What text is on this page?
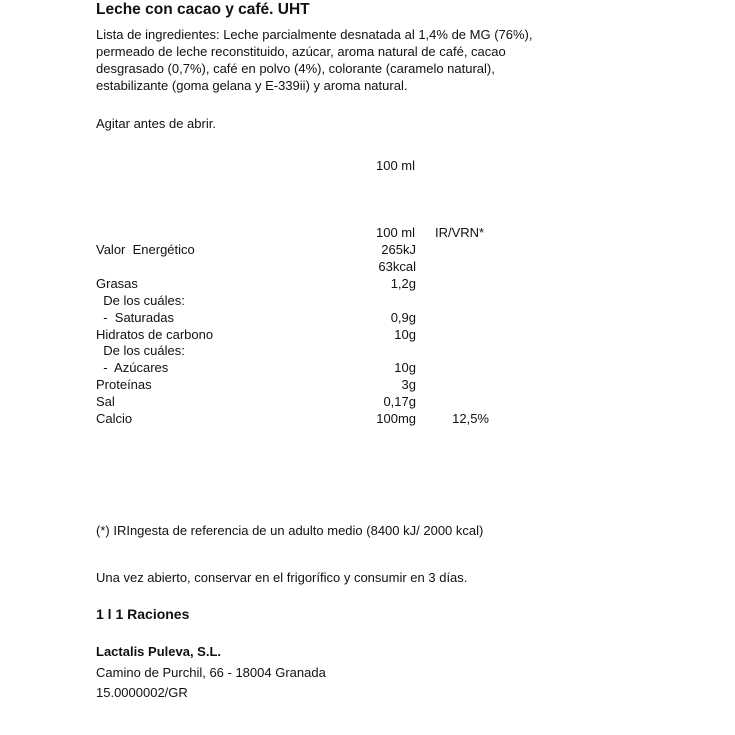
Leche con cacao y café. UHT
Lista de ingredientes: Leche parcialmente desnatada al 1,4% de MG (76%),
permeado de leche reconstituido, azúcar, aroma natural de café, cacao
desgrasado (0,7%), café en polvo (4%), colorante (caramelo natural),
estabilizante (goma gelana y E-339ii) y aroma natural.
Agitar antes de abrir.
100 ml
100 ml IR/VRN*
Valor  Energético	265kJ
63kcal
Grasas	1,2g
De los cuáles:
-  Saturadas	0,9g
Hidratos de carbono	10g
De los cuáles:
-  Azúcares	10g
Proteínas	3g
Sal	0,17g
Calcio	100mg	12,5%
(*) IRIngesta de referencia de un adulto medio (8400 kJ/ 2000 kcal)
Una vez abierto, conservar en el frigorífico y consumir en 3 días.
1 l 1 Raciones
Lactalis Puleva, S.L.
Camino de Purchil, 66 - 18004 Granada
15.0000002/GR
